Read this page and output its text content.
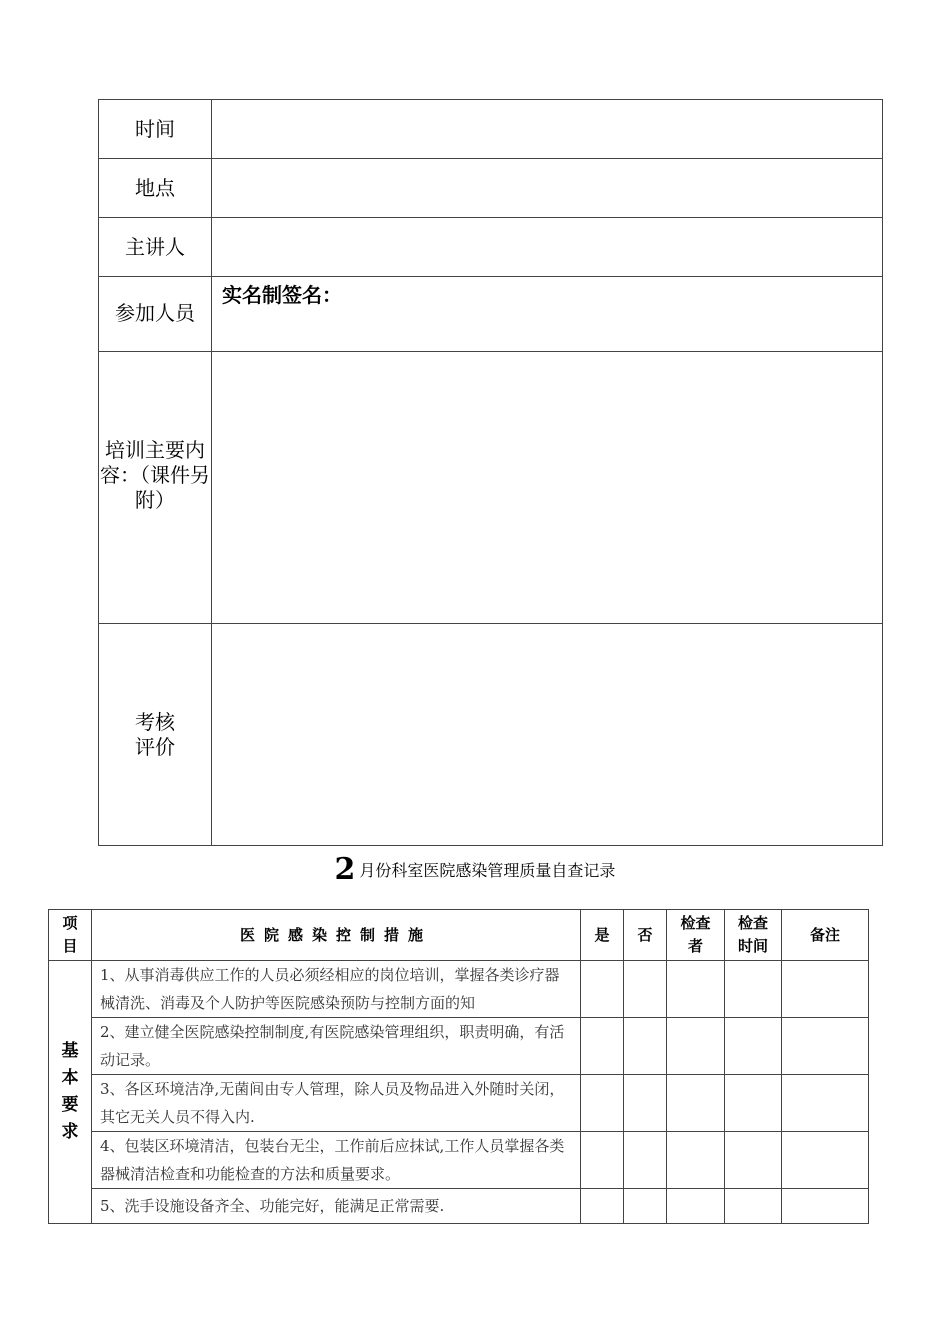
时间	
地点	
主讲人	
参加人员	实名制签名：

培训主要内容：（课件另附）	
考核评价	
2 月份科室医院感染管理质量自查记录
项目	医院感染控制措施	是	否	检查者	检查时间	备注
基本要求	1、从事消毒供应工作的人员必须经相应的岗位培训，掌握各类诊疗器械清洗、消毒及个人防护等医院感染预防与控制方面的知					

	2、建立健全医院感染控制制度,有医院感染管理组织，职责明确，有活动记录。					

	3、各区环境洁净,无菌间由专人管理，除人员及物品进入外随时关闭，其它无关人员不得入内.					

	4、包装区环境清洁，包装台无尘，工作前后应抹试,工作人员掌握各类器械清洁检查和功能检查的方法和质量要求。					

	5、洗手设施设备齐全、功能完好，能满足正常需要.					
